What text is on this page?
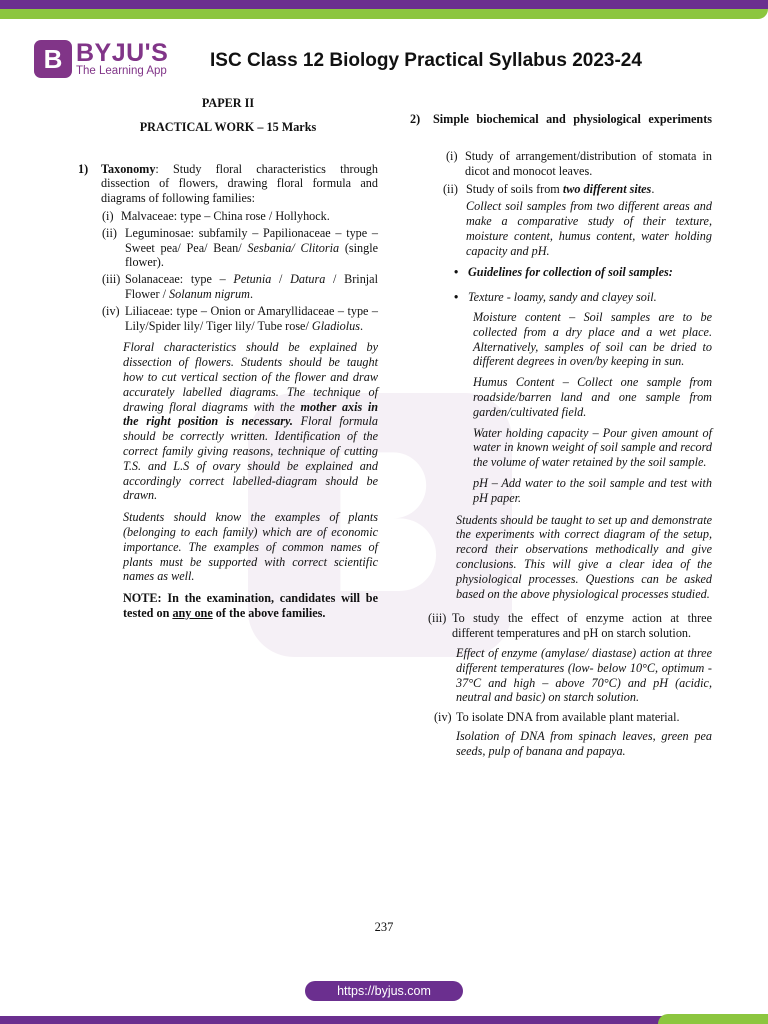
B BYJU'S
The Learning App ISC Class 12 Biology Practical Syllabus 2023-24
PAPER II
PRACTICAL WORK – 15 Marks
1)	Taxonomy: Study floral characteristics through dissection of flowers, drawing floral formula and diagrams of following families:
(i) Malvaceae: type – China rose / Hollyhock.
(ii) Leguminosae: subfamily – Papilionaceae – type – Sweet pea/ Pea/ Bean/ Sesbania/ Clitoria (single flower).
(iii) Solanaceae: type – Petunia / Datura / Brinjal Flower / Solanum nigrum.
(iv) Liliaceae: type – Onion or Amaryllidaceae – type – Lily/Spider lily/ Tiger lily/ Tube rose/ Gladiolus.
Floral characteristics should be explained by dissection of flowers. Students should be taught how to cut vertical section of the flower and draw accurately labelled diagrams. The technique of drawing floral diagrams with the mother axis in the right position is necessary. Floral formula should be correctly written. Identification of the correct family giving reasons, technique of cutting T.S. and L.S of ovary should be explained and accordingly correct labelled-diagram should be drawn.
Students should know the examples of plants (belonging to each family) which are of economic importance. The examples of common names of plants must be supported with correct scientific names as well.
NOTE: In the examination, candidates will be tested on any one of the above families.
2)	Simple biochemical and physiological experiments
(i) Study of arrangement/distribution of stomata in dicot and monocot leaves.
(ii) Study of soils from two different sites.
Collect soil samples from two different areas and make a comparative study of their texture, moisture content, humus content, water holding capacity and pH.
• Guidelines for collection of soil samples:
• Texture - loamy, sandy and clayey soil.
Moisture content – Soil samples are to be collected from a dry place and a wet place. Alternatively, samples of soil can be dried to different degrees in oven/by keeping in sun.
Humus Content – Collect one sample from roadside/barren land and one sample from garden/cultivated field.
Water holding capacity – Pour given amount of water in known weight of soil sample and record the volume of water retained by the soil sample.
pH – Add water to the soil sample and test with pH paper.
Students should be taught to set up and demonstrate the experiments with correct diagram of the setup, record their observations methodically and give conclusions. This will give a clear idea of the physiological processes. Questions can be asked based on the above physiological processes studied.
(iii) To study the effect of enzyme action at three different temperatures and pH on starch solution.
Effect of enzyme (amylase/ diastase) action at three different temperatures (low- below 10°C, optimum - 37°C and high – above 70°C) and pH (acidic, neutral and basic) on starch solution.
(iv) To isolate DNA from available plant material.
Isolation of DNA from spinach leaves, green pea seeds, pulp of banana and papaya.
237
https://byjus.com
